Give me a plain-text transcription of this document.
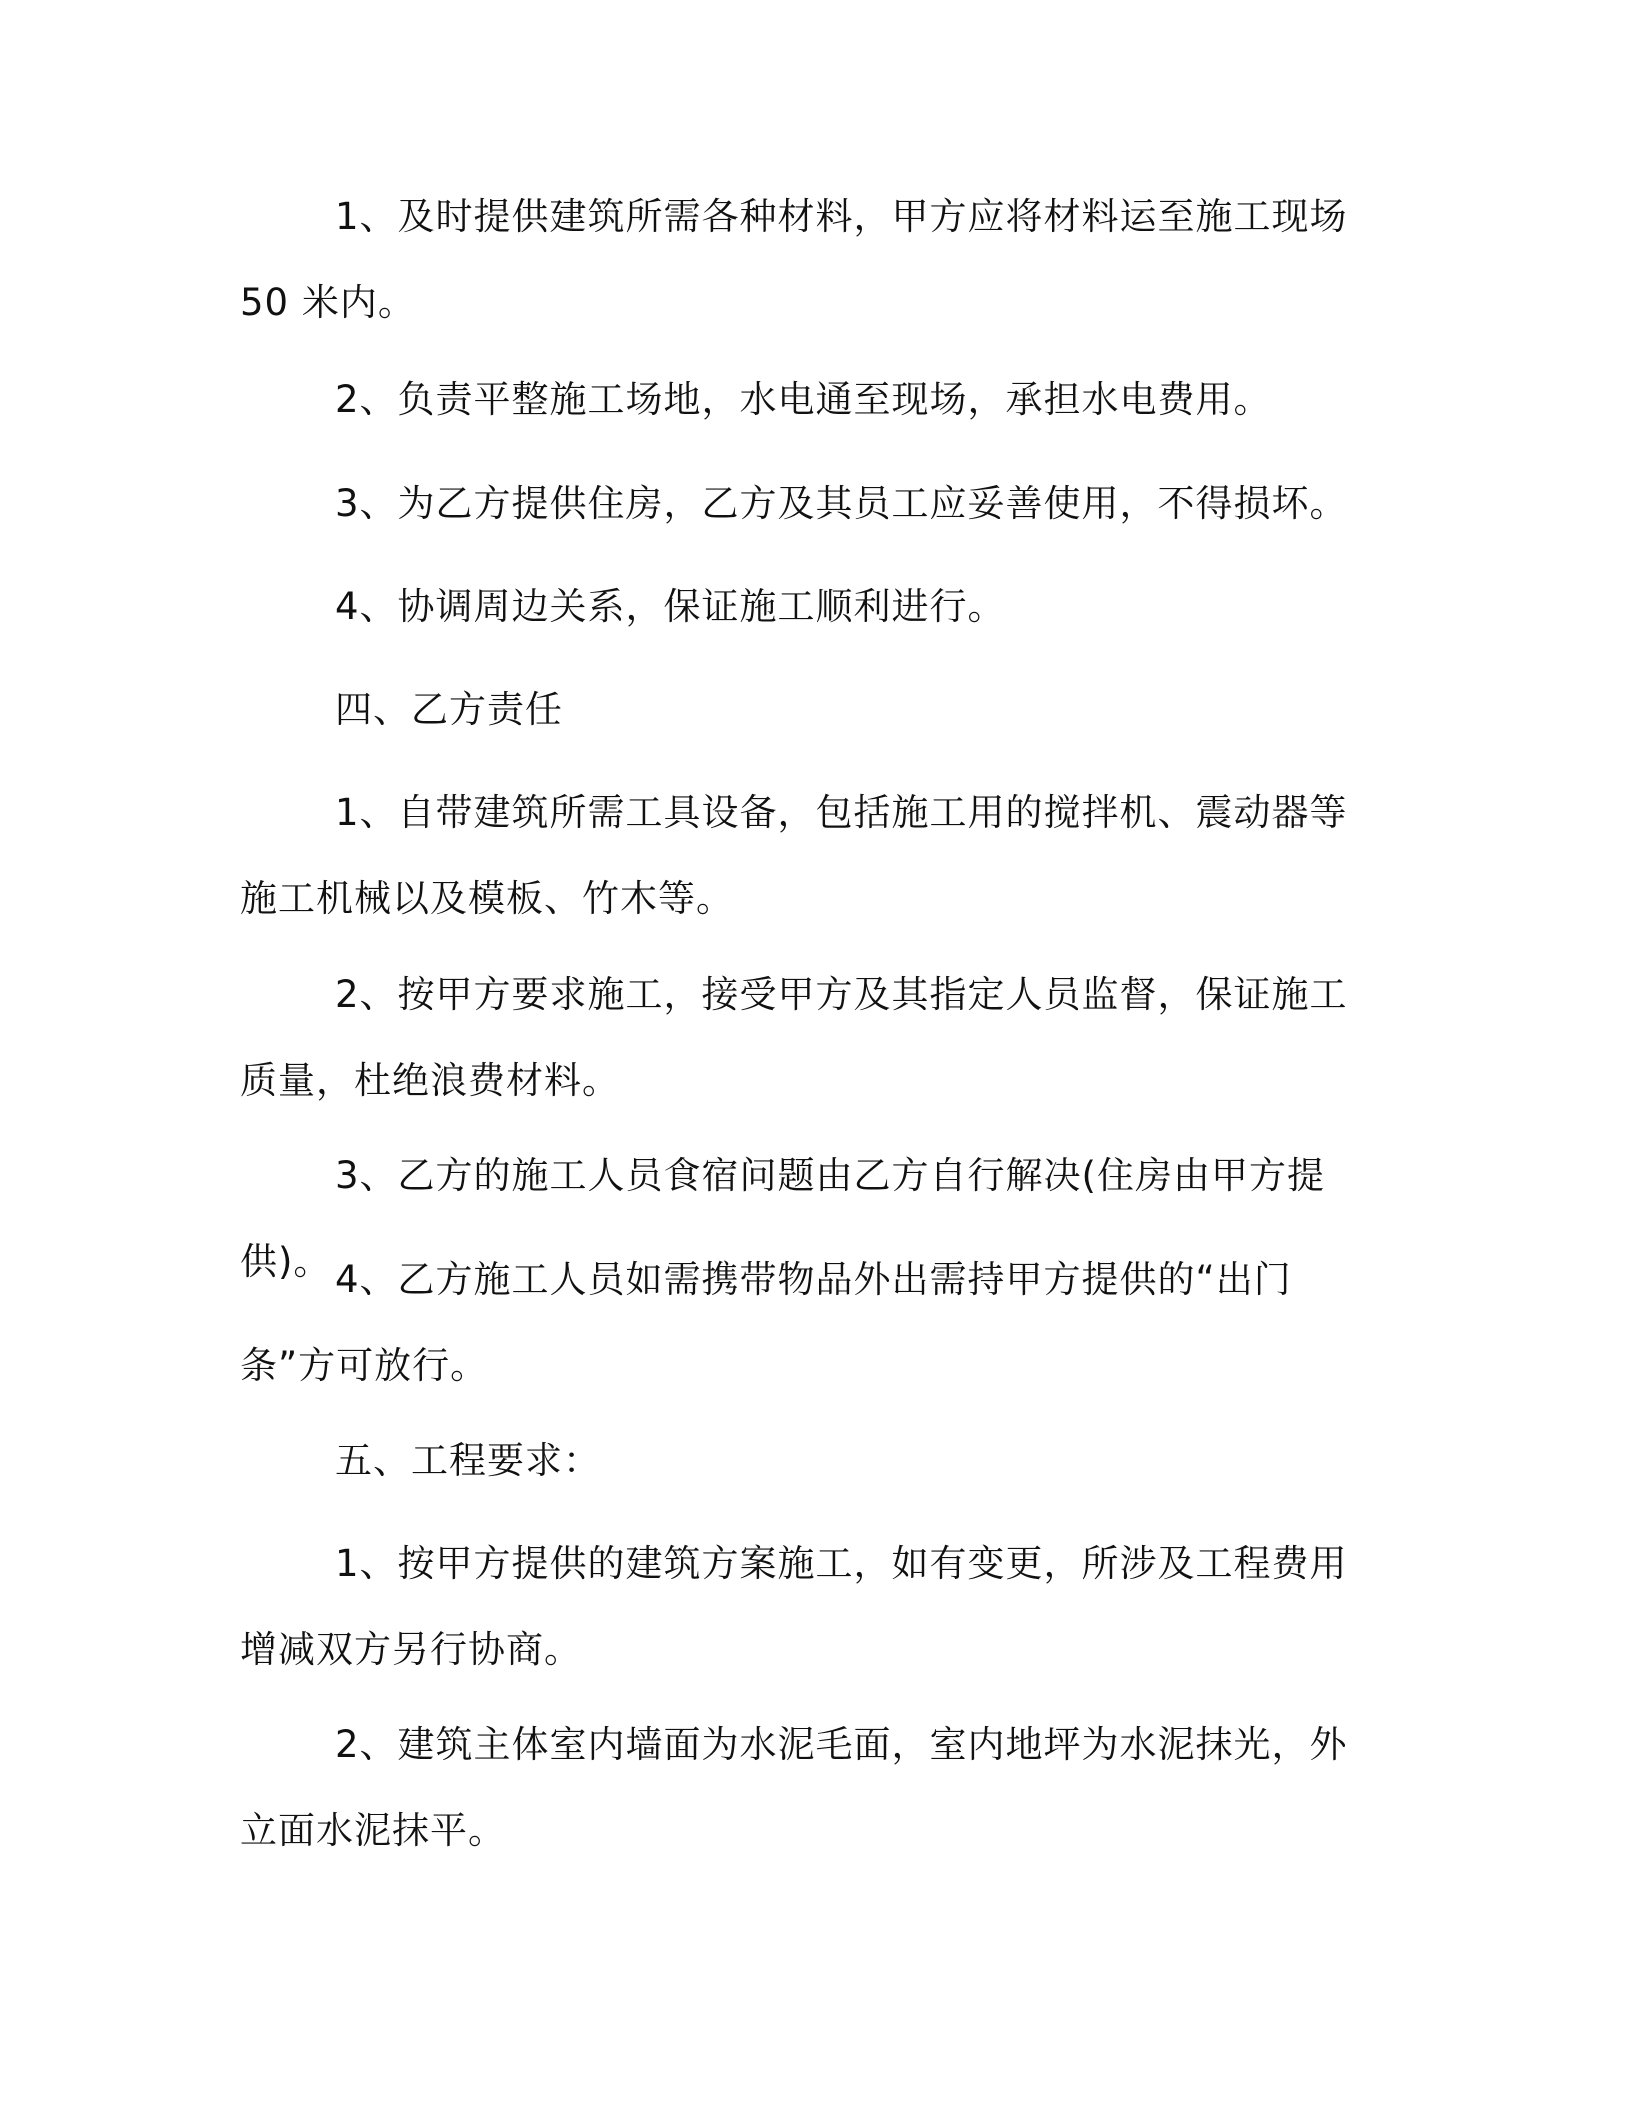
1、及时提供建筑所需各种材料，甲方应将材料运至施工现场 50 米内。

2、负责平整施工场地，水电通至现场，承担水电费用。

3、为乙方提供住房，乙方及其员工应妥善使用，不得损坏。

4、协调周边关系，保证施工顺利进行。

四、乙方责任

1、自带建筑所需工具设备，包括施工用的搅拌机、震动器等施工机械以及模板、竹木等。

2、按甲方要求施工，接受甲方及其指定人员监督，保证施工质量，杜绝浪费材料。

3、乙方的施工人员食宿问题由乙方自行解决(住房由甲方提供)。 4、乙方施工人员如需携带物品外出需持甲方提供的“出门条”方可放行。

五、工程要求：

1、按甲方提供的建筑方案施工，如有变更，所涉及工程费用增减双方另行协商。

2、建筑主体室内墙面为水泥毛面，室内地坪为水泥抹光，外立面水泥抹平。
